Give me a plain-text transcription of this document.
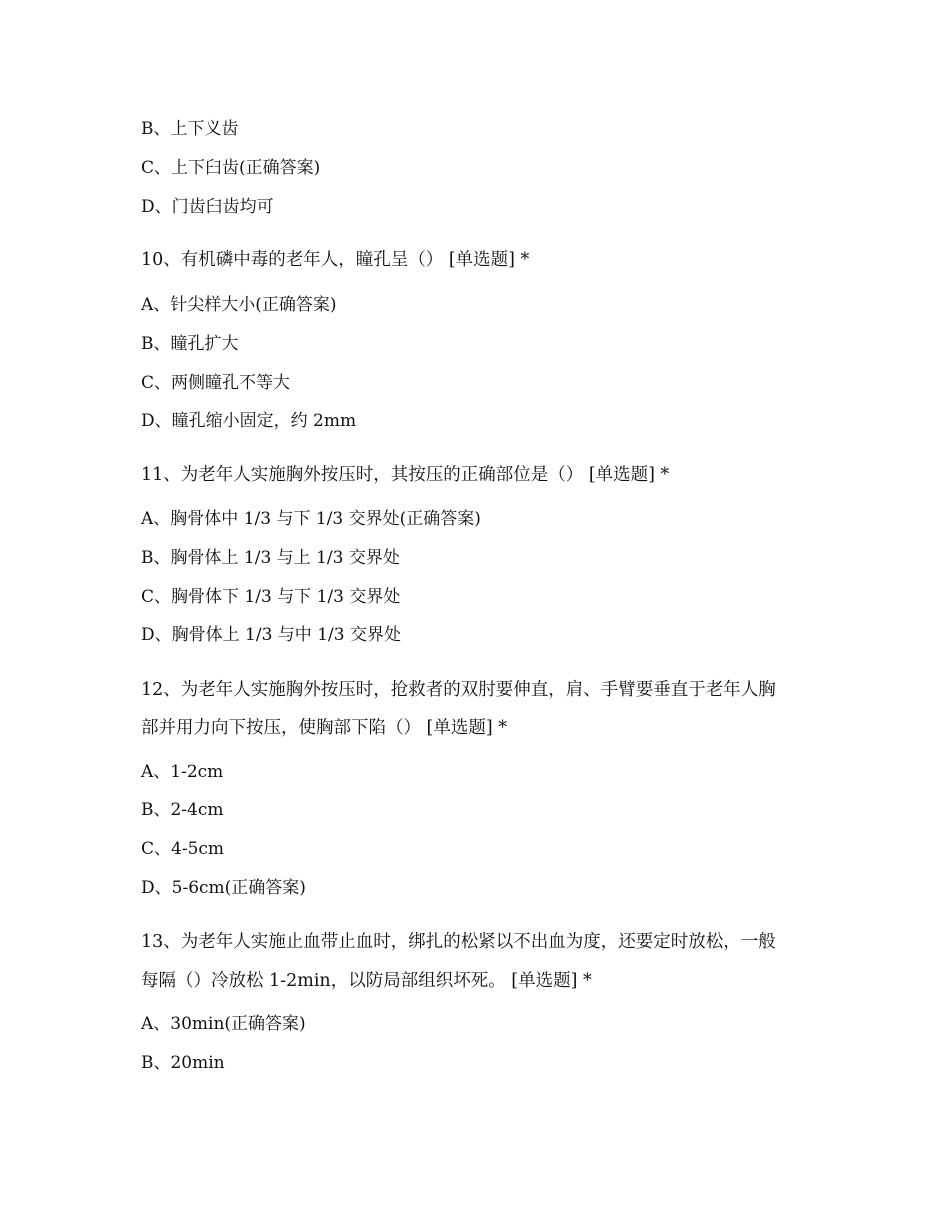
B、上下义齿
C、上下臼齿(正确答案)
D、门齿臼齿均可
10、有机磷中毒的老年人，瞳孔呈（） [单选题] *
A、针尖样大小(正确答案)
B、瞳孔扩大
C、两侧瞳孔不等大
D、瞳孔缩小固定，约 2mm
11、为老年人实施胸外按压时，其按压的正确部位是（） [单选题] *
A、胸骨体中 1/3 与下 1/3 交界处(正确答案)
B、胸骨体上 1/3 与上 1/3 交界处
C、胸骨体下 1/3 与下 1/3 交界处
D、胸骨体上 1/3 与中 1/3 交界处
12、为老年人实施胸外按压时，抢救者的双肘要伸直，肩、手臂要垂直于老年人胸
部并用力向下按压，使胸部下陷（） [单选题] *
A、1-2cm
B、2-4cm
C、4-5cm
D、5-6cm(正确答案)
13、为老年人实施止血带止血时，绑扎的松紧以不出血为度，还要定时放松，一般
每隔（）冷放松 1-2min，以防局部组织坏死。 [单选题] *
A、30min(正确答案)
B、20min
